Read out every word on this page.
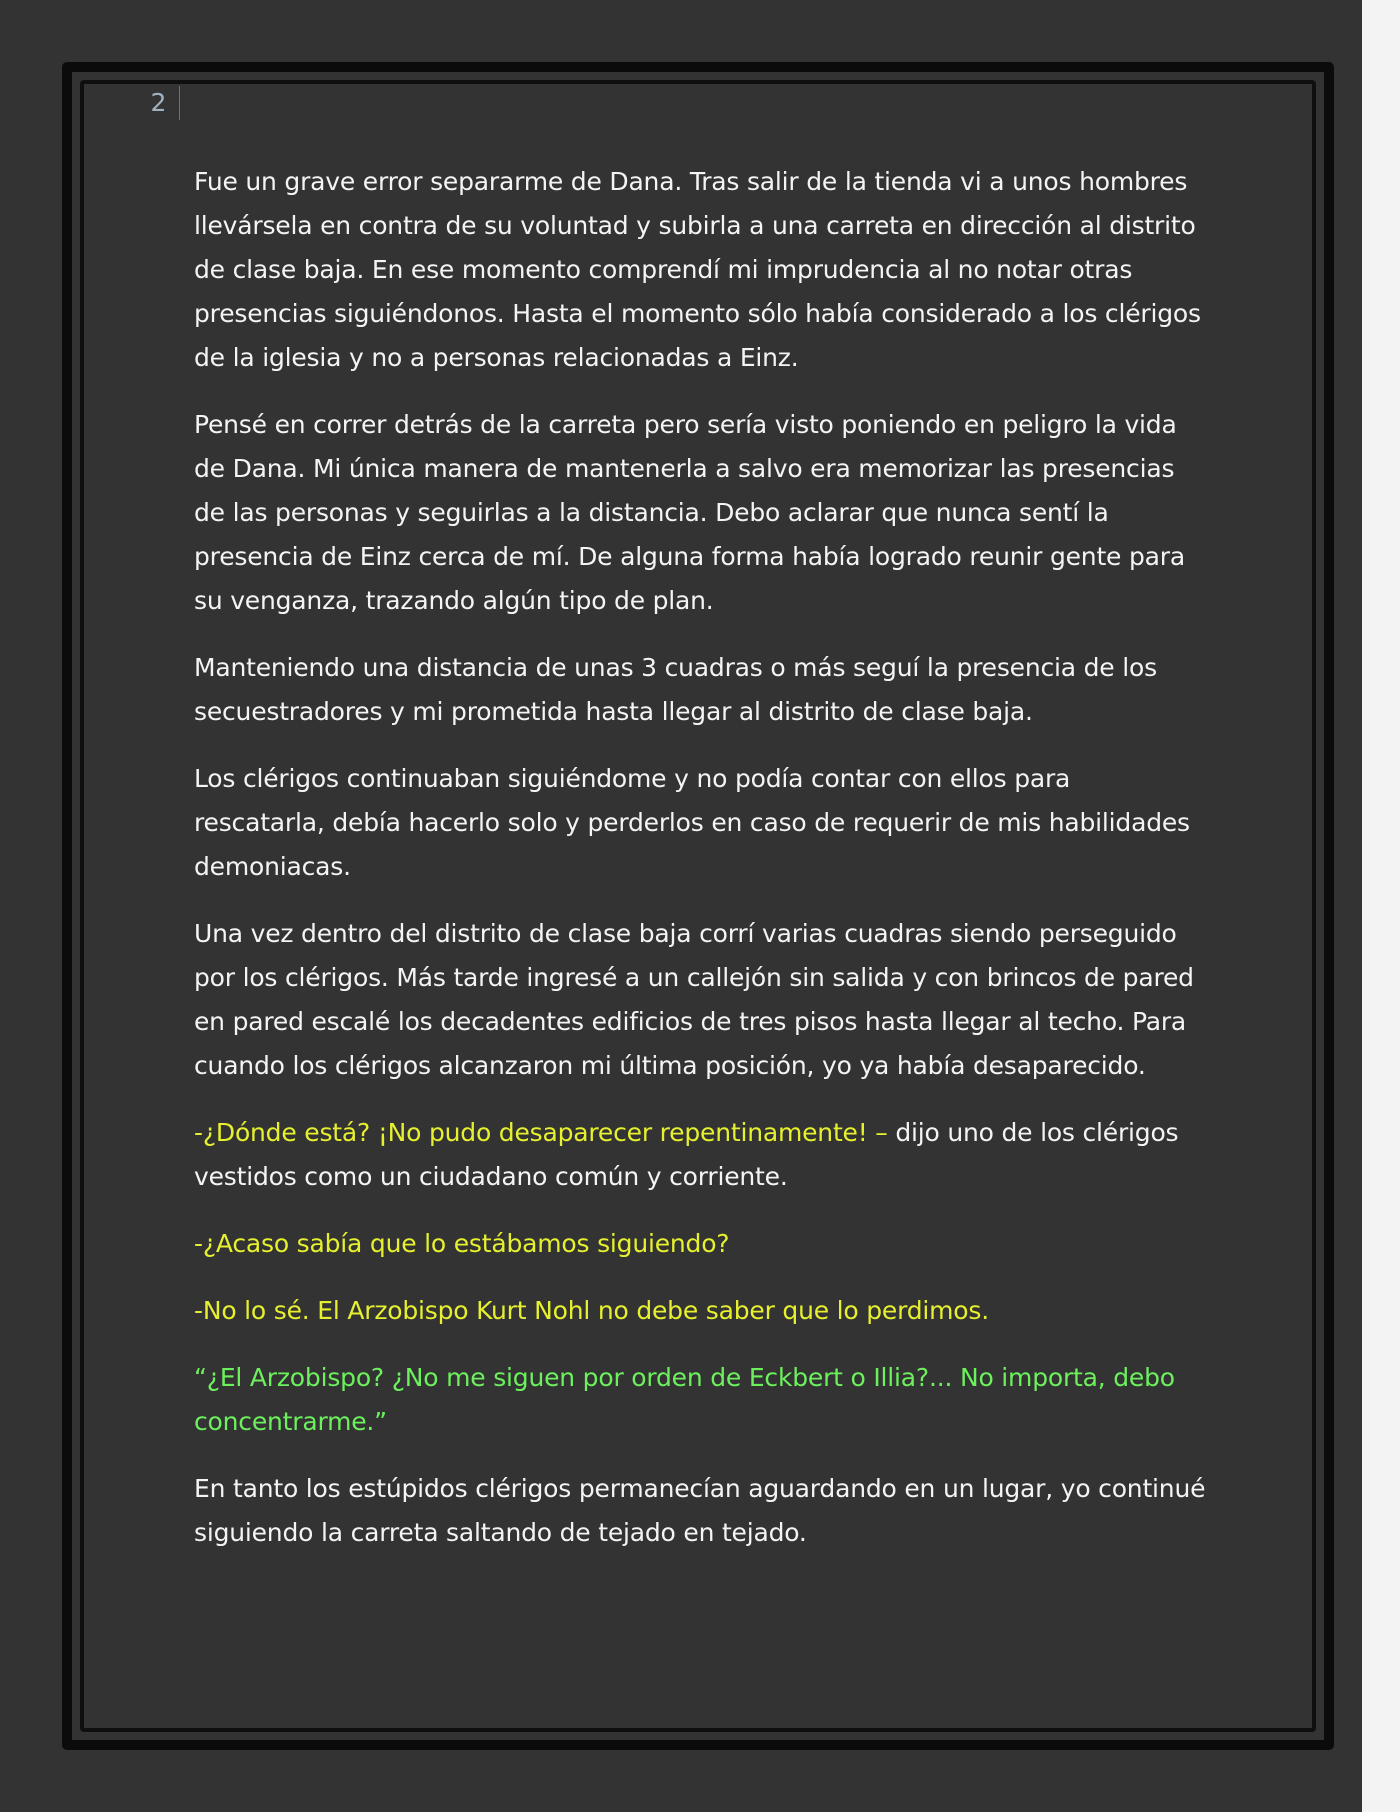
2

Fue un grave error separarme de Dana. Tras salir de la tienda vi a unos hombres llevársela en contra de su voluntad y subirla a una carreta en dirección al distrito de clase baja. En ese momento comprendí mi imprudencia al no notar otras presencias siguiéndonos. Hasta el momento sólo había considerado a los clérigos de la iglesia y no a personas relacionadas a Einz.

Pensé en correr detrás de la carreta pero sería visto poniendo en peligro la vida de Dana. Mi única manera de mantenerla a salvo era memorizar las presencias de las personas y seguirlas a la distancia. Debo aclarar que nunca sentí la presencia de Einz cerca de mí. De alguna forma había logrado reunir gente para su venganza, trazando algún tipo de plan.

Manteniendo una distancia de unas 3 cuadras o más seguí la presencia de los secuestradores y mi prometida hasta llegar al distrito de clase baja.

Los clérigos continuaban siguiéndome y no podía contar con ellos para rescatarla, debía hacerlo solo y perderlos en caso de requerir de mis habilidades demoniacas.

Una vez dentro del distrito de clase baja corrí varias cuadras siendo perseguido por los clérigos. Más tarde ingresé a un callejón sin salida y con brincos de pared en pared escalé los decadentes edificios de tres pisos hasta llegar al techo. Para cuando los clérigos alcanzaron mi última posición, yo ya había desaparecido.

-¿Dónde está? ¡No pudo desaparecer repentinamente! – dijo uno de los clérigos vestidos como un ciudadano común y corriente.

-¿Acaso sabía que lo estábamos siguiendo?

-No lo sé. El Arzobispo Kurt Nohl no debe saber que lo perdimos.

“¿El Arzobispo? ¿No me siguen por orden de Eckbert o Illia?... No importa, debo concentrarme.”

En tanto los estúpidos clérigos permanecían aguardando en un lugar, yo continué siguiendo la carreta saltando de tejado en tejado.
